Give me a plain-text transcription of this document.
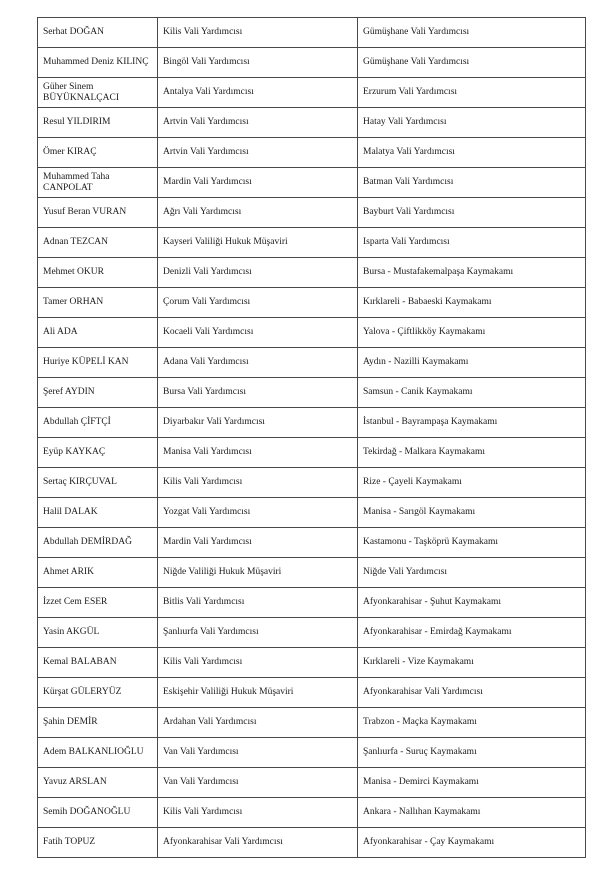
Serhat DOĞAN	Kilis Vali Yardımcısı	Gümüşhane Vali Yardımcısı
Muhammed Deniz KILINÇ	Bingöl Vali Yardımcısı	Gümüşhane Vali Yardımcısı
Güher Sinem BÜYÜKNALÇACI	Antalya Vali Yardımcısı	Erzurum Vali Yardımcısı
Resul YILDIRIM	Artvin Vali Yardımcısı	Hatay Vali Yardımcısı
Ömer KIRAÇ	Artvin Vali Yardımcısı	Malatya Vali Yardımcısı
Muhammed Taha CANPOLAT	Mardin Vali Yardımcısı	Batman Vali Yardımcısı
Yusuf Beran VURAN	Ağrı Vali Yardımcısı	Bayburt Vali Yardımcısı
Adnan TEZCAN	Kayseri Valiliği Hukuk Müşaviri	Isparta Vali Yardımcısı
Mehmet OKUR	Denizli Vali Yardımcısı	Bursa - Mustafakemalpaşa Kaymakamı
Tamer ORHAN	Çorum Vali Yardımcısı	Kırklareli - Babaeski Kaymakamı
Ali ADA	Kocaeli Vali Yardımcısı	Yalova - Çiftlikköy Kaymakamı
Huriye KÜPELİ KAN	Adana Vali Yardımcısı	Aydın - Nazilli Kaymakamı
Şeref AYDIN	Bursa Vali Yardımcısı	Samsun - Canik Kaymakamı
Abdullah ÇİFTÇİ	Diyarbakır Vali Yardımcısı	İstanbul - Bayrampaşa Kaymakamı
Eyüp KAYKAÇ	Manisa Vali Yardımcısı	Tekirdağ - Malkara Kaymakamı
Sertaç KIRÇUVAL	Kilis Vali Yardımcısı	Rize - Çayeli Kaymakamı
Halil DALAK	Yozgat Vali Yardımcısı	Manisa - Sarıgöl Kaymakamı
Abdullah DEMİRDAĞ	Mardin Vali Yardımcısı	Kastamonu - Taşköprü Kaymakamı
Ahmet ARIK	Niğde Valiliği Hukuk Müşaviri	Niğde Vali Yardımcısı
İzzet Cem ESER	Bitlis Vali Yardımcısı	Afyonkarahisar - Şuhut Kaymakamı
Yasin AKGÜL	Şanlıurfa Vali Yardımcısı	Afyonkarahisar - Emirdağ Kaymakamı
Kemal BALABAN	Kilis Vali Yardımcısı	Kırklareli - Vize Kaymakamı
Kürşat GÜLERYÜZ	Eskişehir Valiliği Hukuk Müşaviri	Afyonkarahisar Vali Yardımcısı
Şahin DEMİR	Ardahan Vali Yardımcısı	Trabzon - Maçka Kaymakamı
Adem BALKANLIOĞLU	Van Vali Yardımcısı	Şanlıurfa - Suruç Kaymakamı
Yavuz ARSLAN	Van Vali Yardımcısı	Manisa - Demirci Kaymakamı
Semih DOĞANOĞLU	Kilis Vali Yardımcısı	Ankara - Nallıhan Kaymakamı
Fatih TOPUZ	Afyonkarahisar Vali Yardımcısı	Afyonkarahisar - Çay Kaymakamı
